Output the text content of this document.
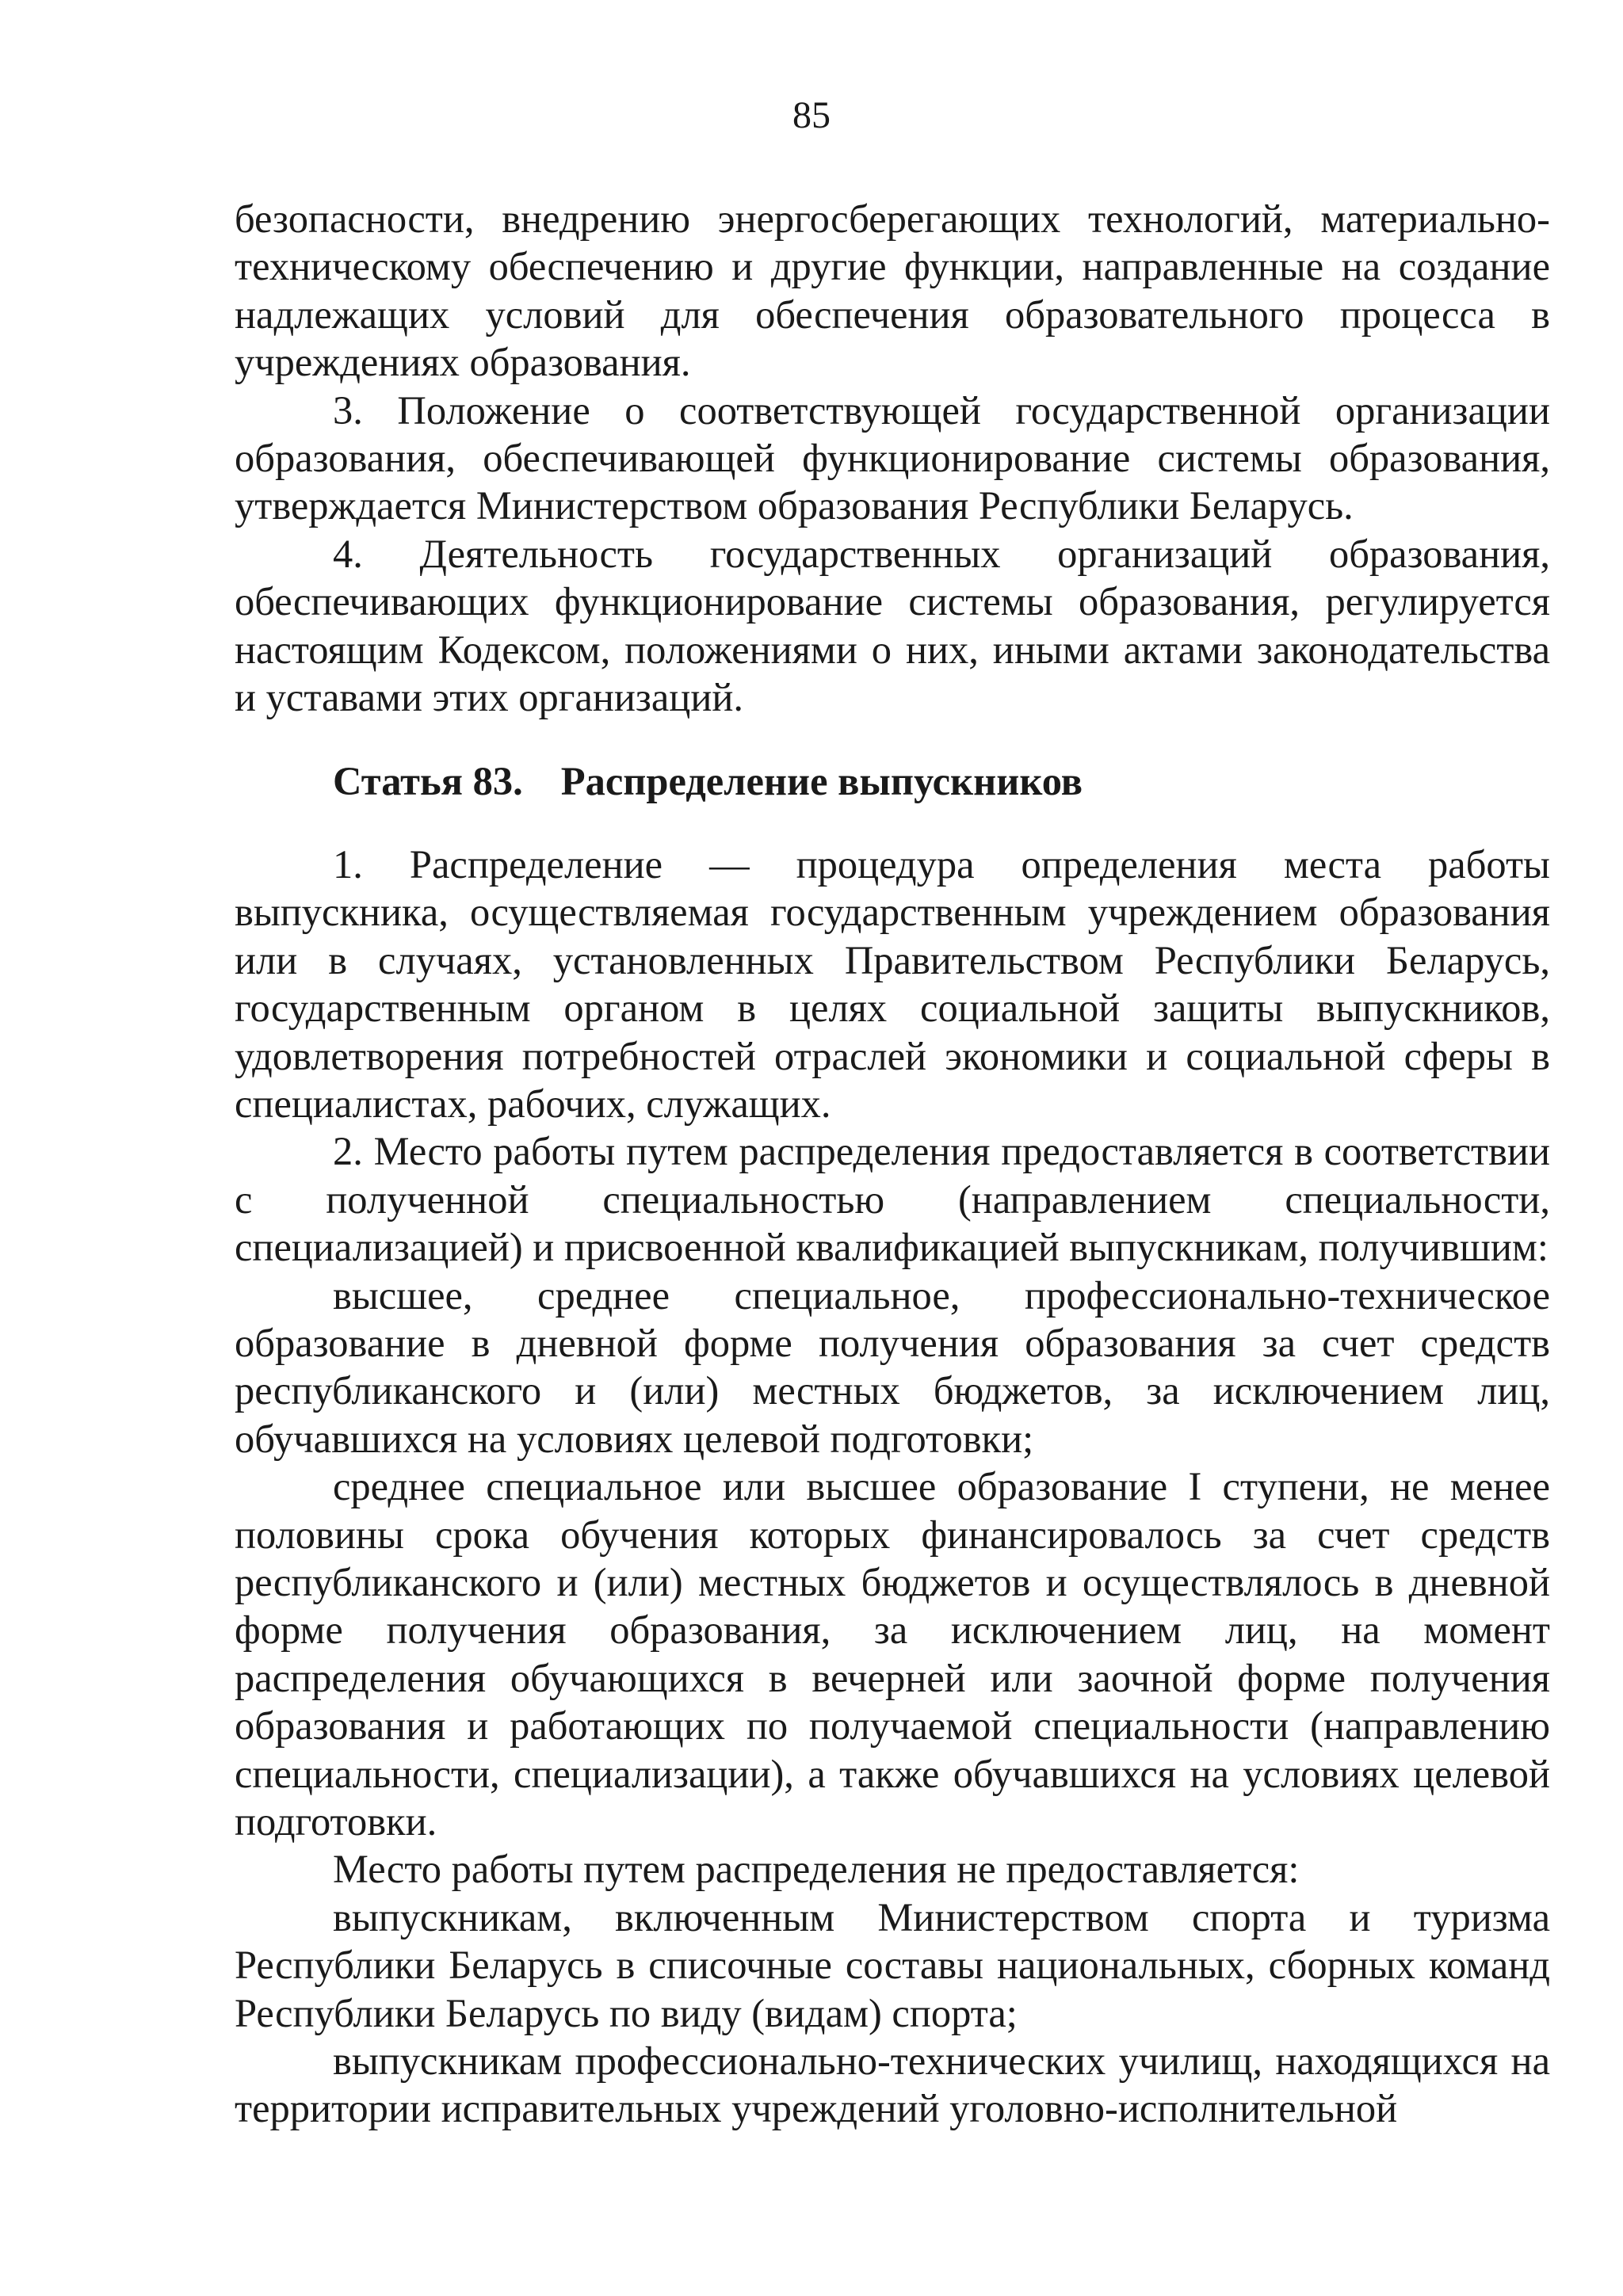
85

безопасности, внедрению энергосберегающих технологий, материально-техническому обеспечению и другие функции, направленные на создание надлежащих условий для обеспечения образовательного процесса в учреждениях образования.

3. Положение о соответствующей государственной организации образования, обеспечивающей функционирование системы образования, утверждается Министерством образования Республики Беларусь.

4. Деятельность государственных организаций образования, обеспечивающих функционирование системы образования, регулируется настоящим Кодексом, положениями о них, иными актами законодательства и уставами этих организаций.

Статья 83. Распределение выпускников

1. Распределение — процедура определения места работы выпускника, осуществляемая государственным учреждением образования или в случаях, установленных Правительством Республики Беларусь, государственным органом в целях социальной защиты выпускников, удовлетворения потребностей отраслей экономики и социальной сферы в специалистах, рабочих, служащих.

2. Место работы путем распределения предоставляется в соответствии с полученной специальностью (направлением специальности, специализацией) и присвоенной квалификацией выпускникам, получившим:

высшее, среднее специальное, профессионально-техническое образование в дневной форме получения образования за счет средств республиканского и (или) местных бюджетов, за исключением лиц, обучавшихся на условиях целевой подготовки;

среднее специальное или высшее образование I ступени, не менее половины срока обучения которых финансировалось за счет средств республиканского и (или) местных бюджетов и осуществлялось в дневной форме получения образования, за исключением лиц, на момент распределения обучающихся в вечерней или заочной форме получения образования и работающих по получаемой специальности (направлению специальности, специализации), а также обучавшихся на условиях целевой подготовки.

Место работы путем распределения не предоставляется:

выпускникам, включенным Министерством спорта и туризма Республики Беларусь в списочные составы национальных, сборных команд Республики Беларусь по виду (видам) спорта;

выпускникам профессионально-технических училищ, находящихся на территории исправительных учреждений уголовно-исполнительной
